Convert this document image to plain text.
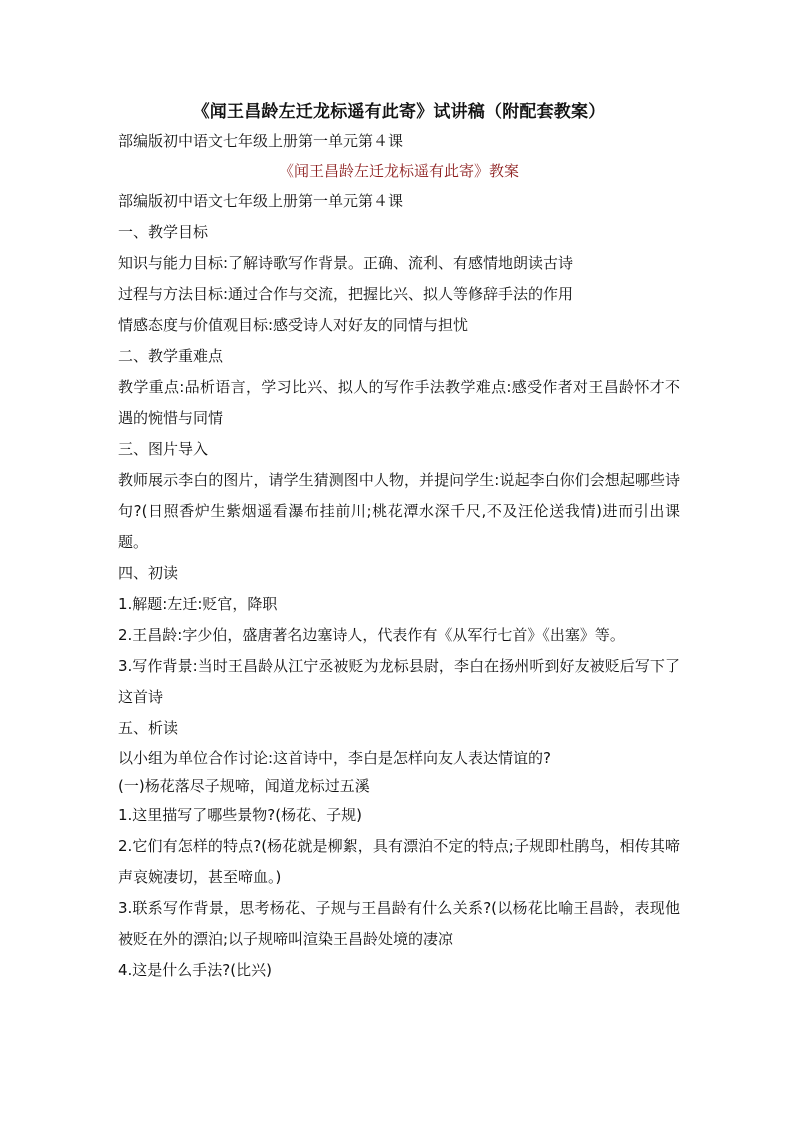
《闻王昌龄左迁龙标遥有此寄》试讲稿（附配套教案）

部编版初中语文七年级上册第一单元第４课

《闻王昌龄左迁龙标遥有此寄》教案

部编版初中语文七年级上册第一单元第４课

一、教学目标

知识与能力目标:了解诗歌写作背景。正确、流利、有感情地朗读古诗

过程与方法目标:通过合作与交流，把握比兴、拟人等修辞手法的作用

情感态度与价值观目标:感受诗人对好友的同情与担忧

二、教学重难点

教学重点:品析语言，学习比兴、拟人的写作手法教学难点:感受作者对王昌龄怀才不遇的惋惜与同情

三、图片导入

教师展示李白的图片，请学生猜测图中人物，并提问学生:说起李白你们会想起哪些诗句?(日照香炉生紫烟遥看瀑布挂前川;桃花潭水深千尺,不及汪伦送我情)进而引出课题。

四、初读

1.解题:左迁:贬官，降职

2.王昌龄:字少伯，盛唐著名边塞诗人，代表作有《从军行七首》《出塞》等。

3.写作背景:当时王昌龄从江宁丞被贬为龙标县尉，李白在扬州听到好友被贬后写下了这首诗

五、析读

以小组为单位合作讨论:这首诗中，李白是怎样向友人表达情谊的?

(一)杨花落尽子规啼，闻道龙标过五溪

1.这里描写了哪些景物?(杨花、子规)

2.它们有怎样的特点?(杨花就是柳絮，具有漂泊不定的特点;子规即杜鹃鸟，相传其啼声哀婉凄切，甚至啼血。)

3.联系写作背景，思考杨花、子规与王昌龄有什么关系?(以杨花比喻王昌龄，表现他被贬在外的漂泊;以子规啼叫渲染王昌龄处境的凄凉

4.这是什么手法?(比兴)
